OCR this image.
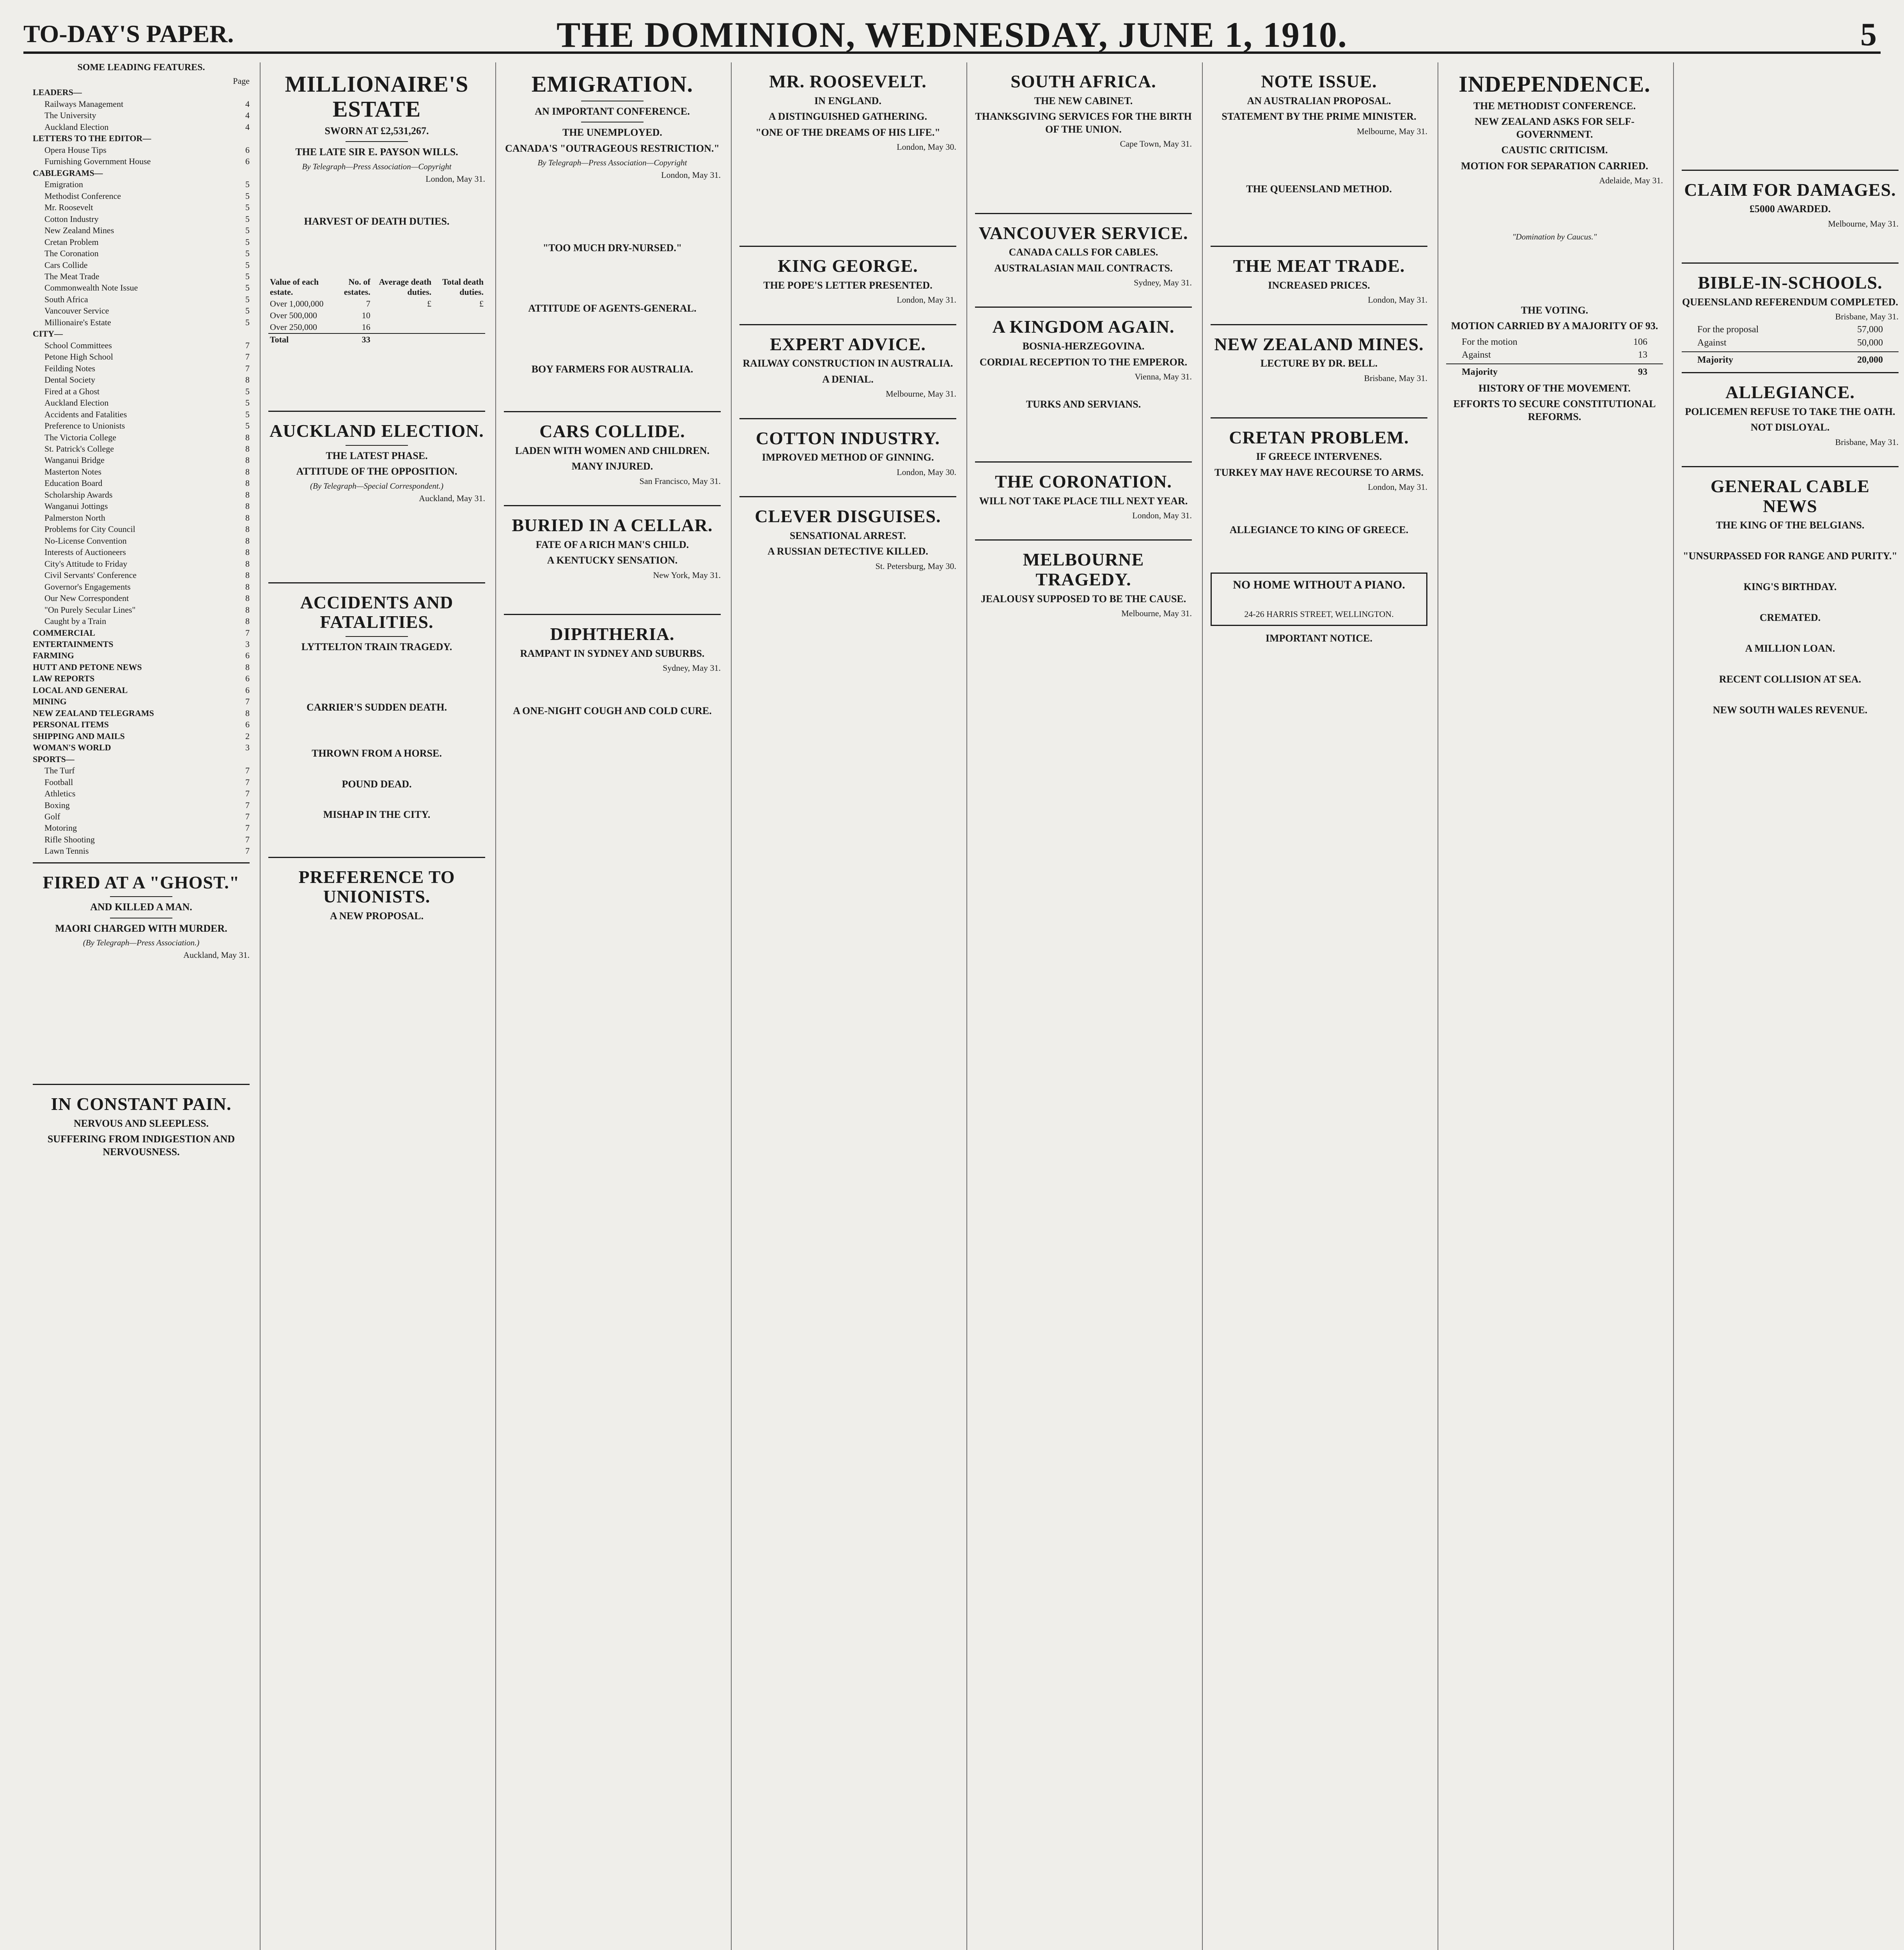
TO-DAY'S PAPER.	THE DOMINION, WEDNESDAY, JUNE 1, 1910.	5
SOME LEADING FEATURES.
Page
LEADERS—
Railways Management	4
The University	4
Auckland Election	4
LETTERS TO THE EDITOR—
Opera House Tips	6
Furnishing Government House	6
CABLEGRAMS—
Emigration	5
Methodist Conference	5
Mr. Roosevelt	5
Cotton Industry	5
New Zealand Mines	5
Cretan Problem	5
The Coronation	5
Cars Collide	5
The Meat Trade	5
Commonwealth Note Issue	5
South Africa	5
Vancouver Service	5
Millionaire's Estate	5
CITY—
School Committees	7
Petone High School	7
Feilding Notes	7
Dental Society	8
Fired at a Ghost	5
Auckland Election	5
Accidents and Fatalities	5
Preference to Unionists	5
The Victoria College	8
St. Patrick's College	8
Wanganui Bridge	8
Masterton Notes	8
Education Board	8
Scholarship Awards	8
Wanganui Jottings	8
Palmerston North	8
Problems for City Council	8
No-License Convention	8
Interests of Auctioneers	8
City's Attitude to Friday	8
Civil Servants' Conference	8
Governor's Engagements	8
Our New Correspondent	8
"On Purely Secular Lines"	8
Caught by a Train	8
COMMERCIAL	7
ENTERTAINMENTS	3
FARMING	6
HUTT AND PETONE NEWS	8
LAW REPORTS	6
LOCAL AND GENERAL	6
MINING	7
NEW ZEALAND TELEGRAMS	8
PERSONAL ITEMS	6
SHIPPING AND MAILS	2
WOMAN'S WORLD	3
SPORTS—
The Turf	7
Football	7
Athletics	7
Boxing	7
Golf	7
Motoring	7
Rifle Shooting	7
Lawn Tennis	7
FIRED AT A "GHOST."
AND KILLED A MAN.
MAORI CHARGED WITH MURDER.
(By Telegraph—Press Association.)
Auckland, May 31.

IN CONSTANT PAIN.
NERVOUS AND SLEEPLESS.
SUFFERING FROM INDIGESTION AND NERVOUSNESS.
MILLIONAIRE'S ESTATE
SWORN AT £2,531,267.
THE LATE SIR E. PAYSON WILLS.
By Telegraph—Press Association—Copyright
London, May 31.

HARVEST OF DEATH DUTIES.

Value of each estate.	No. of estates.	Average death duties.	Total death duties.
Over 1,000,000	7	£	£
Over 500,000	10		
Over 250,000	16		
Total	33		

AUCKLAND ELECTION.
THE LATEST PHASE.
ATTITUDE OF THE OPPOSITION.
(By Telegraph—Special Correspondent.)
Auckland, May 31.

ACCIDENTS AND FATALITIES.
LYTTELTON TRAIN TRAGEDY.

CARRIER'S SUDDEN DEATH.

THROWN FROM A HORSE.

POUND DEAD.

MISHAP IN THE CITY.

PREFERENCE TO UNIONISTS.
A NEW PROPOSAL.
EMIGRATION.
AN IMPORTANT CONFERENCE.
THE UNEMPLOYED.
CANADA'S "OUTRAGEOUS RESTRICTION."
By Telegraph—Press Association—Copyright
London, May 31.

"TOO MUCH DRY-NURSED."

ATTITUDE OF AGENTS-GENERAL.

BOY FARMERS FOR AUSTRALIA.

CARS COLLIDE.
LADEN WITH WOMEN AND CHILDREN.
MANY INJURED.
San Francisco, May 31.

BURIED IN A CELLAR.
FATE OF A RICH MAN'S CHILD.
A KENTUCKY SENSATION.
New York, May 31.

DIPHTHERIA.
RAMPANT IN SYDNEY AND SUBURBS.
Sydney, May 31.

A ONE-NIGHT COUGH AND COLD CURE.
MR. ROOSEVELT.
IN ENGLAND.
A DISTINGUISHED GATHERING.
"ONE OF THE DREAMS OF HIS LIFE."
London, May 30.

KING GEORGE.
THE POPE'S LETTER PRESENTED.
London, May 31.

EXPERT ADVICE.
RAILWAY CONSTRUCTION IN AUSTRALIA.
A DENIAL.
Melbourne, May 31.

COTTON INDUSTRY.
IMPROVED METHOD OF GINNING.
London, May 30.

CLEVER DISGUISES.
SENSATIONAL ARREST.
A RUSSIAN DETECTIVE KILLED.
St. Petersburg, May 30.
SOUTH AFRICA.
THE NEW CABINET.
THANKSGIVING SERVICES FOR THE BIRTH OF THE UNION.
Cape Town, May 31.

VANCOUVER SERVICE.
CANADA CALLS FOR CABLES.
AUSTRALASIAN MAIL CONTRACTS.
Sydney, May 31.

A KINGDOM AGAIN.
BOSNIA-HERZEGOVINA.
CORDIAL RECEPTION TO THE EMPEROR.
Vienna, May 31.

TURKS AND SERVIANS.

THE CORONATION.
WILL NOT TAKE PLACE TILL NEXT YEAR.
London, May 31.

MELBOURNE TRAGEDY.
JEALOUSY SUPPOSED TO BE THE CAUSE.
Melbourne, May 31.
NOTE ISSUE.
AN AUSTRALIAN PROPOSAL.
STATEMENT BY THE PRIME MINISTER.
Melbourne, May 31.

THE QUEENSLAND METHOD.

THE MEAT TRADE.
INCREASED PRICES.
London, May 31.

NEW ZEALAND MINES.
LECTURE BY DR. BELL.
Brisbane, May 31.

CRETAN PROBLEM.
IF GREECE INTERVENES.
TURKEY MAY HAVE RECOURSE TO ARMS.
London, May 31.

ALLEGIANCE TO KING OF GREECE.

NO HOME WITHOUT A PIANO.

24-26 HARRIS STREET, WELLINGTON.
IMPORTANT NOTICE.
INDEPENDENCE.
THE METHODIST CONFERENCE.
NEW ZEALAND ASKS FOR SELF-GOVERNMENT.
CAUSTIC CRITICISM.
MOTION FOR SEPARATION CARRIED.
Adelaide, May 31.

"Domination by Caucus."

THE VOTING.
MOTION CARRIED BY A MAJORITY OF 93.
For the motion	106
Against	13
Majority	93
HISTORY OF THE MOVEMENT.
EFFORTS TO SECURE CONSTITUTIONAL REFORMS.

CLAIM FOR DAMAGES.
£5000 AWARDED.
Melbourne, May 31.

BIBLE-IN-SCHOOLS.
QUEENSLAND REFERENDUM COMPLETED.
Brisbane, May 31.
For the proposal	57,000
Against	50,000
Majority	20,000
ALLEGIANCE.
POLICEMEN REFUSE TO TAKE THE OATH.
NOT DISLOYAL.
Brisbane, May 31.

GENERAL CABLE NEWS
THE KING OF THE BELGIANS.

"UNSURPASSED FOR RANGE AND PURITY."

KING'S BIRTHDAY.

CREMATED.

A MILLION LOAN.

RECENT COLLISION AT SEA.

NEW SOUTH WALES REVENUE.
